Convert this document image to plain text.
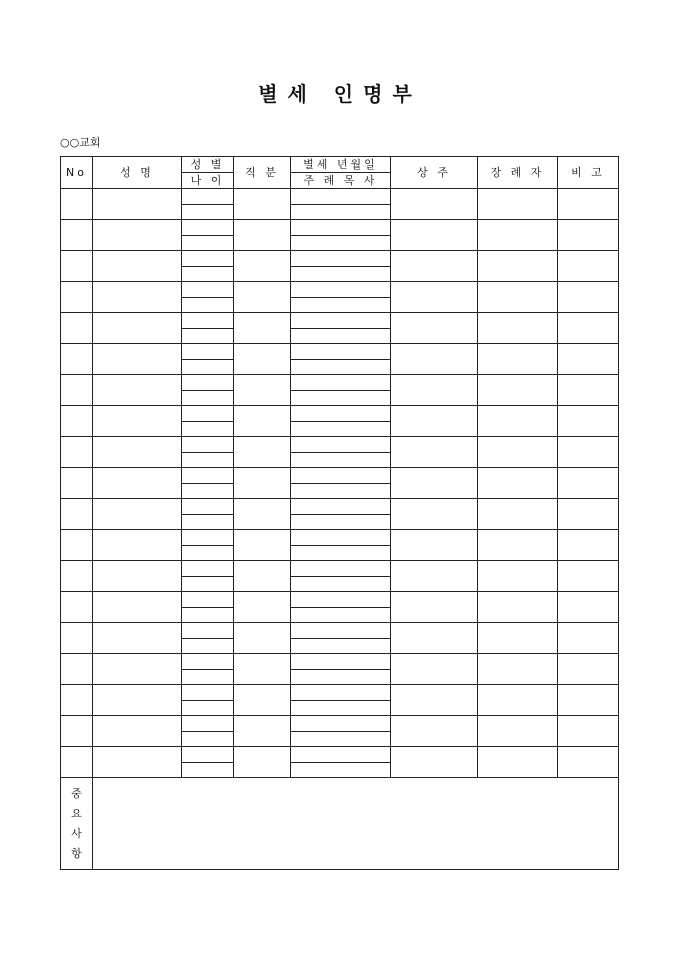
별세 인명부
○○교회
No	성 명	성 별	직 분	별세 년월일	상 주	장 례 자	비 고
		나 이		주 례 목 사			

중
요
사
항							
